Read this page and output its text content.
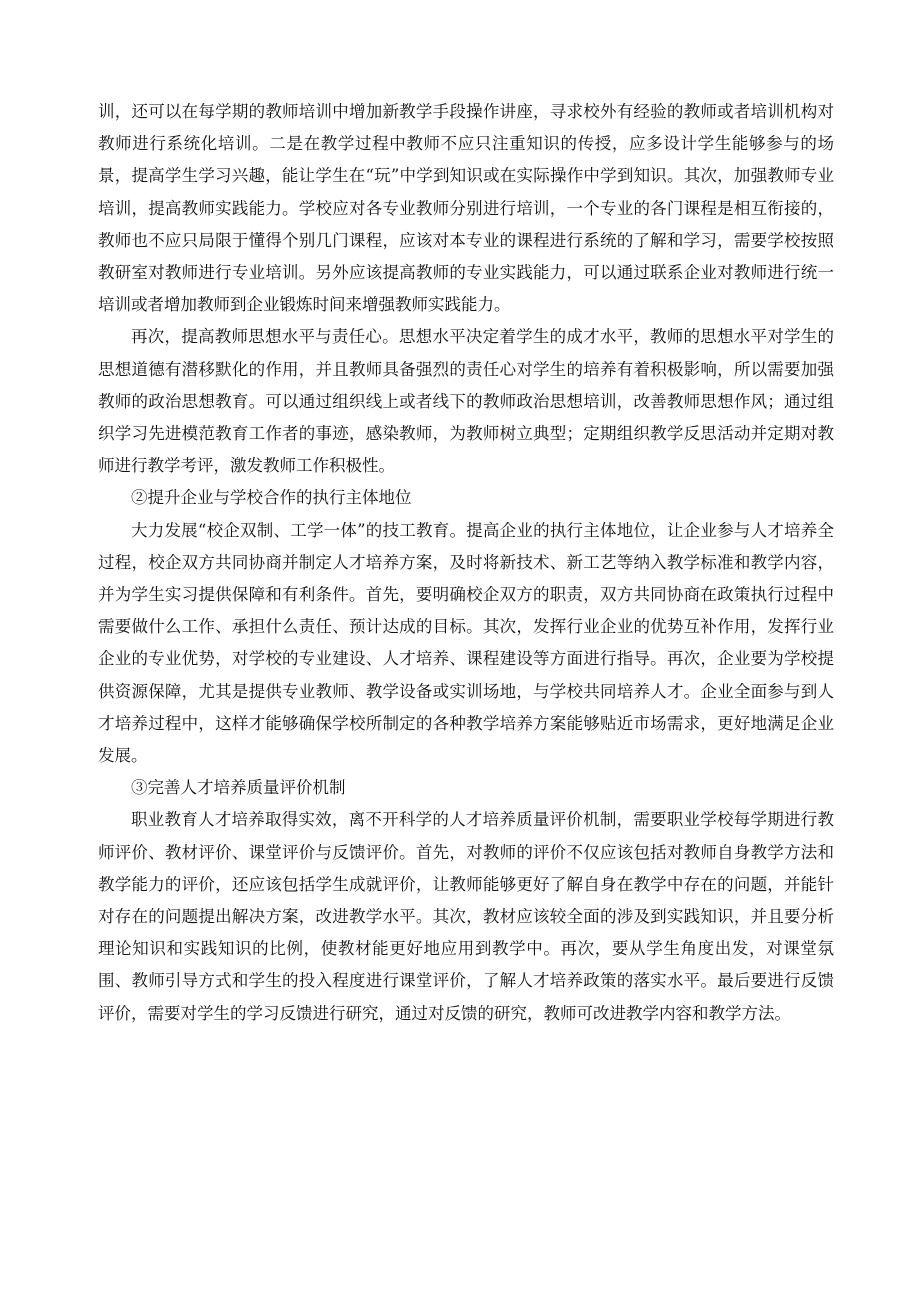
训，还可以在每学期的教师培训中增加新教学手段操作讲座，寻求校外有经验的教师或者培训机构对教师进行系统化培训。二是在教学过程中教师不应只注重知识的传授，应多设计学生能够参与的场景，提高学生学习兴趣，能让学生在“玩”中学到知识或在实际操作中学到知识。其次，加强教师专业培训，提高教师实践能力。学校应对各专业教师分别进行培训，一个专业的各门课程是相互衔接的，教师也不应只局限于懂得个别几门课程，应该对本专业的课程进行系统的了解和学习，需要学校按照教研室对教师进行专业培训。另外应该提高教师的专业实践能力，可以通过联系企业对教师进行统一培训或者增加教师到企业锻炼时间来增强教师实践能力。

再次，提高教师思想水平与责任心。思想水平决定着学生的成才水平，教师的思想水平对学生的思想道德有潜移默化的作用，并且教师具备强烈的责任心对学生的培养有着积极影响，所以需要加强教师的政治思想教育。可以通过组织线上或者线下的教师政治思想培训，改善教师思想作风；通过组织学习先进模范教育工作者的事迹，感染教师，为教师树立典型；定期组织教学反思活动并定期对教师进行教学考评，激发教师工作积极性。

②提升企业与学校合作的执行主体地位

大力发展“校企双制、工学一体”的技工教育。提高企业的执行主体地位，让企业参与人才培养全过程，校企双方共同协商并制定人才培养方案，及时将新技术、新工艺等纳入教学标准和教学内容，并为学生实习提供保障和有利条件。首先，要明确校企双方的职责，双方共同协商在政策执行过程中需要做什么工作、承担什么责任、预计达成的目标。其次，发挥行业企业的优势互补作用，发挥行业企业的专业优势，对学校的专业建设、人才培养、课程建设等方面进行指导。再次，企业要为学校提供资源保障，尤其是提供专业教师、教学设备或实训场地，与学校共同培养人才。企业全面参与到人才培养过程中，这样才能够确保学校所制定的各种教学培养方案能够贴近市场需求，更好地满足企业发展。

③完善人才培养质量评价机制

职业教育人才培养取得实效，离不开科学的人才培养质量评价机制，需要职业学校每学期进行教师评价、教材评价、课堂评价与反馈评价。首先，对教师的评价不仅应该包括对教师自身教学方法和教学能力的评价，还应该包括学生成就评价，让教师能够更好了解自身在教学中存在的问题，并能针对存在的问题提出解决方案，改进教学水平。其次，教材应该较全面的涉及到实践知识，并且要分析理论知识和实践知识的比例，使教材能更好地应用到教学中。再次，要从学生角度出发，对课堂氛围、教师引导方式和学生的投入程度进行课堂评价，了解人才培养政策的落实水平。最后要进行反馈评价，需要对学生的学习反馈进行研究，通过对反馈的研究，教师可改进教学内容和教学方法。
